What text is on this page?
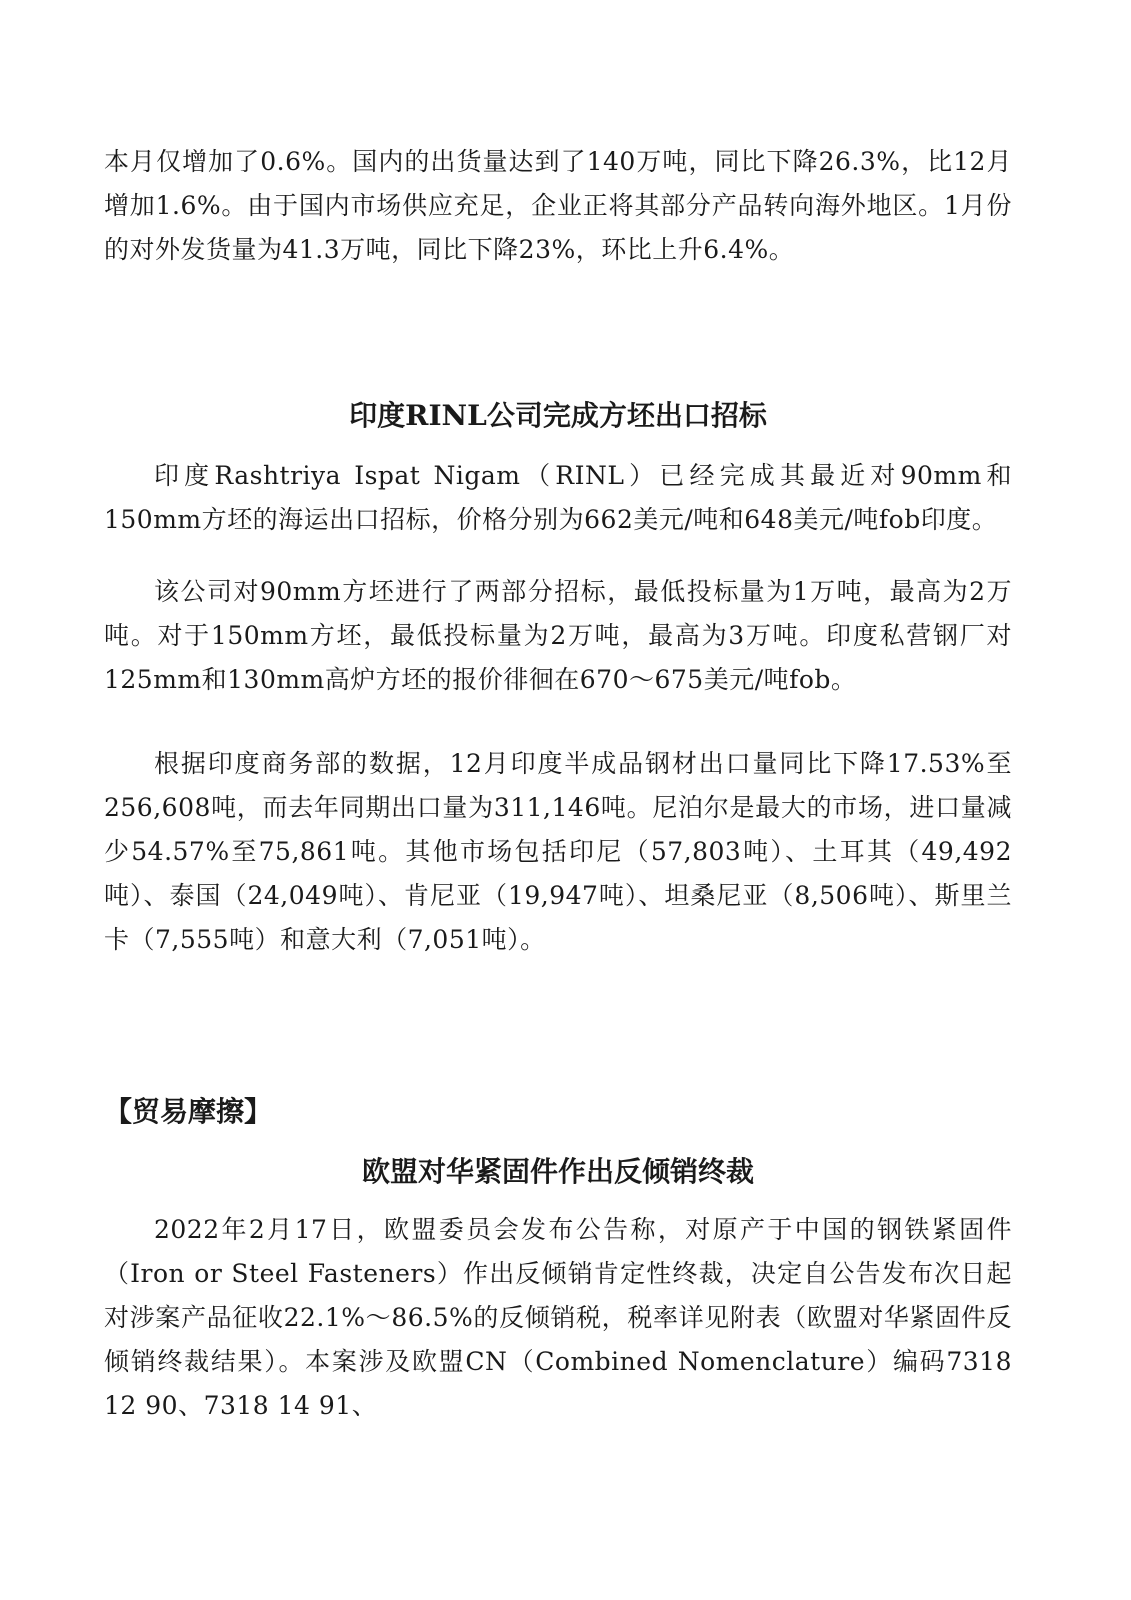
本月仅增加了0.6%。国内的出货量达到了140万吨，同比下降26.3%，比12月增加1.6%。由于国内市场供应充足，企业正将其部分产品转向海外地区。1月份的对外发货量为41.3万吨，同比下降23%，环比上升6.4%。

印度RINL公司完成方坯出口招标

印度Rashtriya Ispat Nigam（RINL）已经完成其最近对90mm和150mm方坯的海运出口招标，价格分别为662美元/吨和648美元/吨fob印度。

该公司对90mm方坯进行了两部分招标，最低投标量为1万吨，最高为2万吨。对于150mm方坯，最低投标量为2万吨，最高为3万吨。印度私营钢厂对125mm和130mm高炉方坯的报价徘徊在670～675美元/吨fob。

根据印度商务部的数据，12月印度半成品钢材出口量同比下降17.53%至256,608吨，而去年同期出口量为311,146吨。尼泊尔是最大的市场，进口量减少54.57%至75,861吨。其他市场包括印尼（57,803吨）、土耳其（49,492吨）、泰国（24,049吨）、肯尼亚（19,947吨）、坦桑尼亚（8,506吨）、斯里兰卡（7,555吨）和意大利（7,051吨）。

【贸易摩擦】
欧盟对华紧固件作出反倾销终裁

2022年2月17日，欧盟委员会发布公告称，对原产于中国的钢铁紧固件（Iron or Steel Fasteners）作出反倾销肯定性终裁，决定自公告发布次日起对涉案产品征收22.1%～86.5%的反倾销税，税率详见附表（欧盟对华紧固件反倾销终裁结果）。本案涉及欧盟CN（Combined Nomenclature）编码7318 12 90、7318 14 91、
